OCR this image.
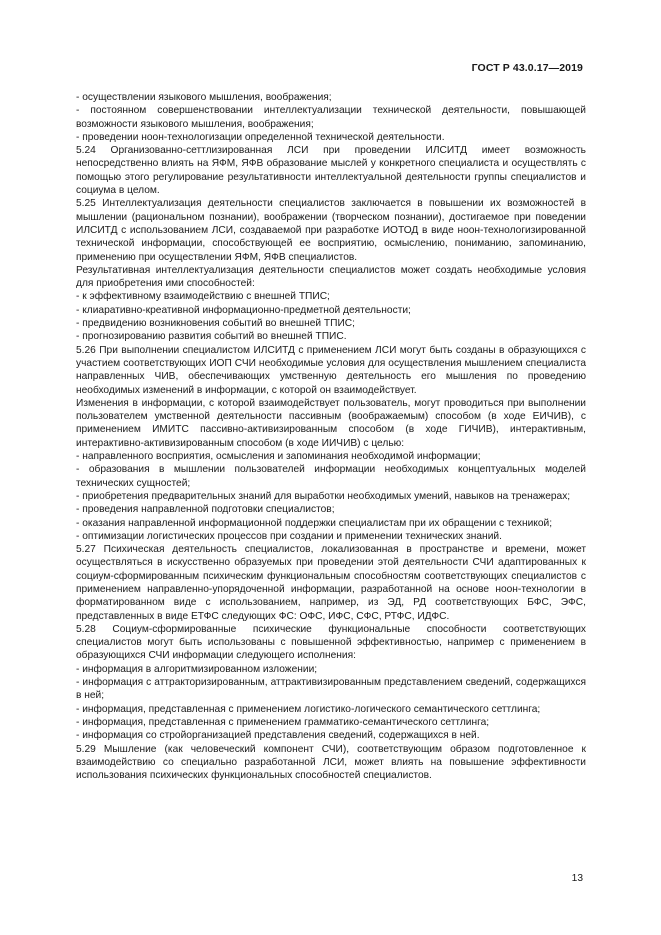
ГОСТ Р 43.0.17—2019

- осуществлении языкового мышления, воображения;

- постоянном совершенствовании интеллектуализации технической деятельности, повышающей возможности языкового мышления, воображения;

- проведении ноон-технологизации определенной технической деятельности.

5.24 Организованно-сеттлизированная ЛСИ при проведении ИЛСИТД имеет возможность непосредственно влиять на ЯФМ, ЯФВ образование мыслей у конкретного специалиста и осуществлять с помощью этого регулирование результативности интеллектуальной деятельности группы специалистов и социума в целом.

5.25 Интеллектуализация деятельности специалистов заключается в повышении их возможностей в мышлении (рациональном познании), воображении (творческом познании), достигаемое при поведении ИЛСИТД с использованием ЛСИ, создаваемой при разработке ИОТОД в виде ноон-технологизированной технической информации, способствующей ее восприятию, осмыслению, пониманию, запоминанию, применению при осуществлении ЯФМ, ЯФВ специалистов.

Результативная интеллектуализация деятельности специалистов может создать необходимые условия для приобретения ими способностей:

- к эффективному взаимодействию с внешней ТПИС;

- клиаративно-креативной информационно-предметной деятельности;

- предвидению возникновения событий во внешней ТПИС;

- прогнозированию развития событий во внешней ТПИС.

5.26 При выполнении специалистом ИЛСИТД с применением ЛСИ могут быть созданы в образующихся с участием соответствующих ИОП СЧИ необходимые условия для осуществления мышлением специалиста направленных ЧИВ, обеспечивающих умственную деятельность его мышления по проведению необходимых изменений в информации, с которой он взаимодействует.

Изменения в информации, с которой взаимодействует пользователь, могут проводиться при выполнении пользователем умственной деятельности пассивным (воображаемым) способом (в ходе ЕИЧИВ), с применением ИМИТС пассивно-активизированным способом (в ходе ГИЧИВ), интерактивным, интерактивно-активизированным способом (в ходе ИИЧИВ) с целью:

- направленного восприятия, осмысления и запоминания необходимой информации;

- образования в мышлении пользователей информации необходимых концептуальных моделей технических сущностей;

- приобретения предварительных знаний для выработки необходимых умений, навыков на тренажерах;

- проведения направленной подготовки специалистов;

- оказания направленной информационной поддержки специалистам при их обращении с техникой;

- оптимизации логистических процессов при создании и применении технических знаний.

5.27 Психическая деятельность специалистов, локализованная в пространстве и времени, может осуществляться в искусственно образуемых при проведении этой деятельности СЧИ адаптированных к социум-сформированным психическим функциональным способностям соответствующих специалистов с применением направленно-упорядоченной информации, разработанной на основе ноон-технологии в форматированном виде с использованием, например, из ЭД, РД соответствующих БФС, ЭФС, представленных в виде ЕТФС следующих ФС: ОФС, ИФС, СФС, РТФС, ИДФС.

5.28 Социум-сформированные психические функциональные способности соответствующих специалистов могут быть использованы с повышенной эффективностью, например с применением в образующихся СЧИ информации следующего исполнения:

- информация в алгоритмизированном изложении;

- информация с аттракторизированным, аттрактивизированным представлением сведений, содержащихся в ней;

- информация, представленная с применением логистико-логического семантического сеттлинга;

- информация, представленная с применением грамматико-семантического сеттлинга;

- информация со стройорганизацией представления сведений, содержащихся в ней.

5.29 Мышление (как человеческий компонент СЧИ), соответствующим образом подготовленное к взаимодействию со специально разработанной ЛСИ, может влиять на повышение эффективности использования психических функциональных способностей специалистов.

13
